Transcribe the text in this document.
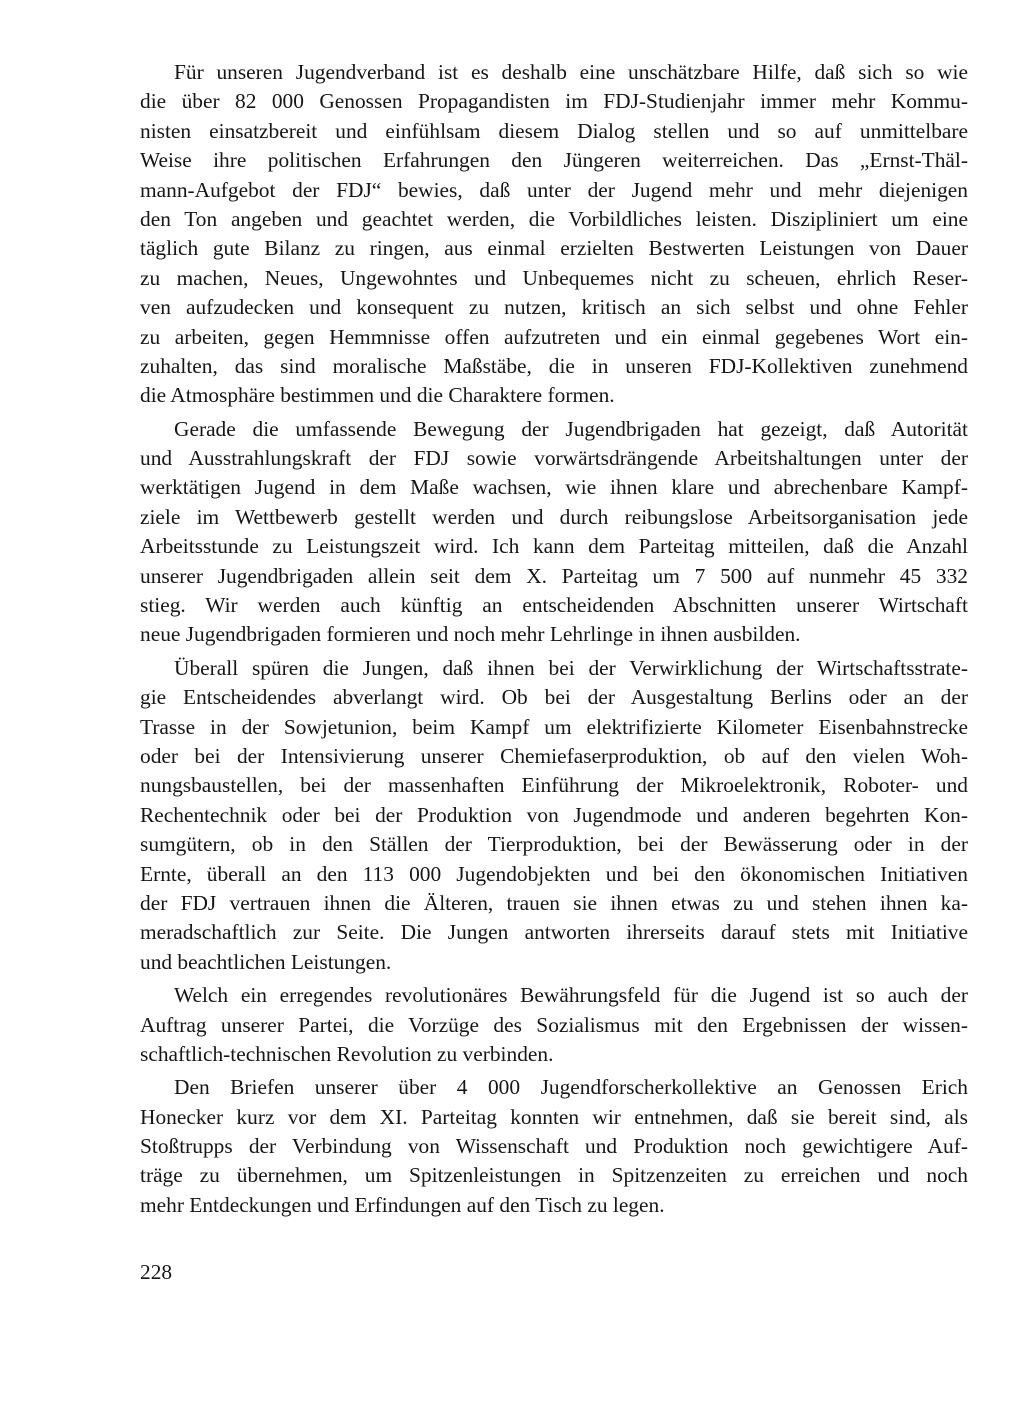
Für unseren Jugendverband ist es deshalb eine unschätzbare Hilfe, daß sich so wie
die über 82 000 Genossen Propagandisten im FDJ-Studienjahr immer mehr Kommu-
nisten einsatzbereit und einfühlsam diesem Dialog stellen und so auf unmittelbare
Weise ihre politischen Erfahrungen den Jüngeren weiterreichen. Das „Ernst-Thäl-
mann-Aufgebot der FDJ“ bewies, daß unter der Jugend mehr und mehr diejenigen
den Ton angeben und geachtet werden, die Vorbildliches leisten. Diszipliniert um eine
täglich gute Bilanz zu ringen, aus einmal erzielten Bestwerten Leistungen von Dauer
zu machen, Neues, Ungewohntes und Unbequemes nicht zu scheuen, ehrlich Reser-
ven aufzudecken und konsequent zu nutzen, kritisch an sich selbst und ohne Fehler
zu arbeiten, gegen Hemmnisse offen aufzutreten und ein einmal gegebenes Wort ein-
zuhalten, das sind moralische Maßstäbe, die in unseren FDJ-Kollektiven zunehmend
die Atmosphäre bestimmen und die Charaktere formen.
Gerade die umfassende Bewegung der Jugendbrigaden hat gezeigt, daß Autorität
und Ausstrahlungskraft der FDJ sowie vorwärtsdrängende Arbeitshaltungen unter der
werktätigen Jugend in dem Maße wachsen, wie ihnen klare und abrechenbare Kampf-
ziele im Wettbewerb gestellt werden und durch reibungslose Arbeitsorganisation jede
Arbeitsstunde zu Leistungszeit wird. Ich kann dem Parteitag mitteilen, daß die Anzahl
unserer Jugendbrigaden allein seit dem X. Parteitag um 7 500 auf nunmehr 45 332
stieg. Wir werden auch künftig an entscheidenden Abschnitten unserer Wirtschaft
neue Jugendbrigaden formieren und noch mehr Lehrlinge in ihnen ausbilden.
Überall spüren die Jungen, daß ihnen bei der Verwirklichung der Wirtschaftsstrate-
gie Entscheidendes abverlangt wird. Ob bei der Ausgestaltung Berlins oder an der
Trasse in der Sowjetunion, beim Kampf um elektrifizierte Kilometer Eisenbahnstrecke
oder bei der Intensivierung unserer Chemiefaserproduktion, ob auf den vielen Woh-
nungsbaustellen, bei der massenhaften Einführung der Mikroelektronik, Roboter- und
Rechentechnik oder bei der Produktion von Jugendmode und anderen begehrten Kon-
sumgütern, ob in den Ställen der Tierproduktion, bei der Bewässerung oder in der
Ernte, überall an den 113 000 Jugendobjekten und bei den ökonomischen Initiativen
der FDJ vertrauen ihnen die Älteren, trauen sie ihnen etwas zu und stehen ihnen ka-
meradschaftlich zur Seite. Die Jungen antworten ihrerseits darauf stets mit Initiative
und beachtlichen Leistungen.
Welch ein erregendes revolutionäres Bewährungsfeld für die Jugend ist so auch der
Auftrag unserer Partei, die Vorzüge des Sozialismus mit den Ergebnissen der wissen-
schaftlich-technischen Revolution zu verbinden.
Den Briefen unserer über 4 000 Jugendforscherkollektive an Genossen Erich
Honecker kurz vor dem XI. Parteitag konnten wir entnehmen, daß sie bereit sind, als
Stoßtrupps der Verbindung von Wissenschaft und Produktion noch gewichtigere Auf-
träge zu übernehmen, um Spitzenleistungen in Spitzenzeiten zu erreichen und noch
mehr Entdeckungen und Erfindungen auf den Tisch zu legen.
228
